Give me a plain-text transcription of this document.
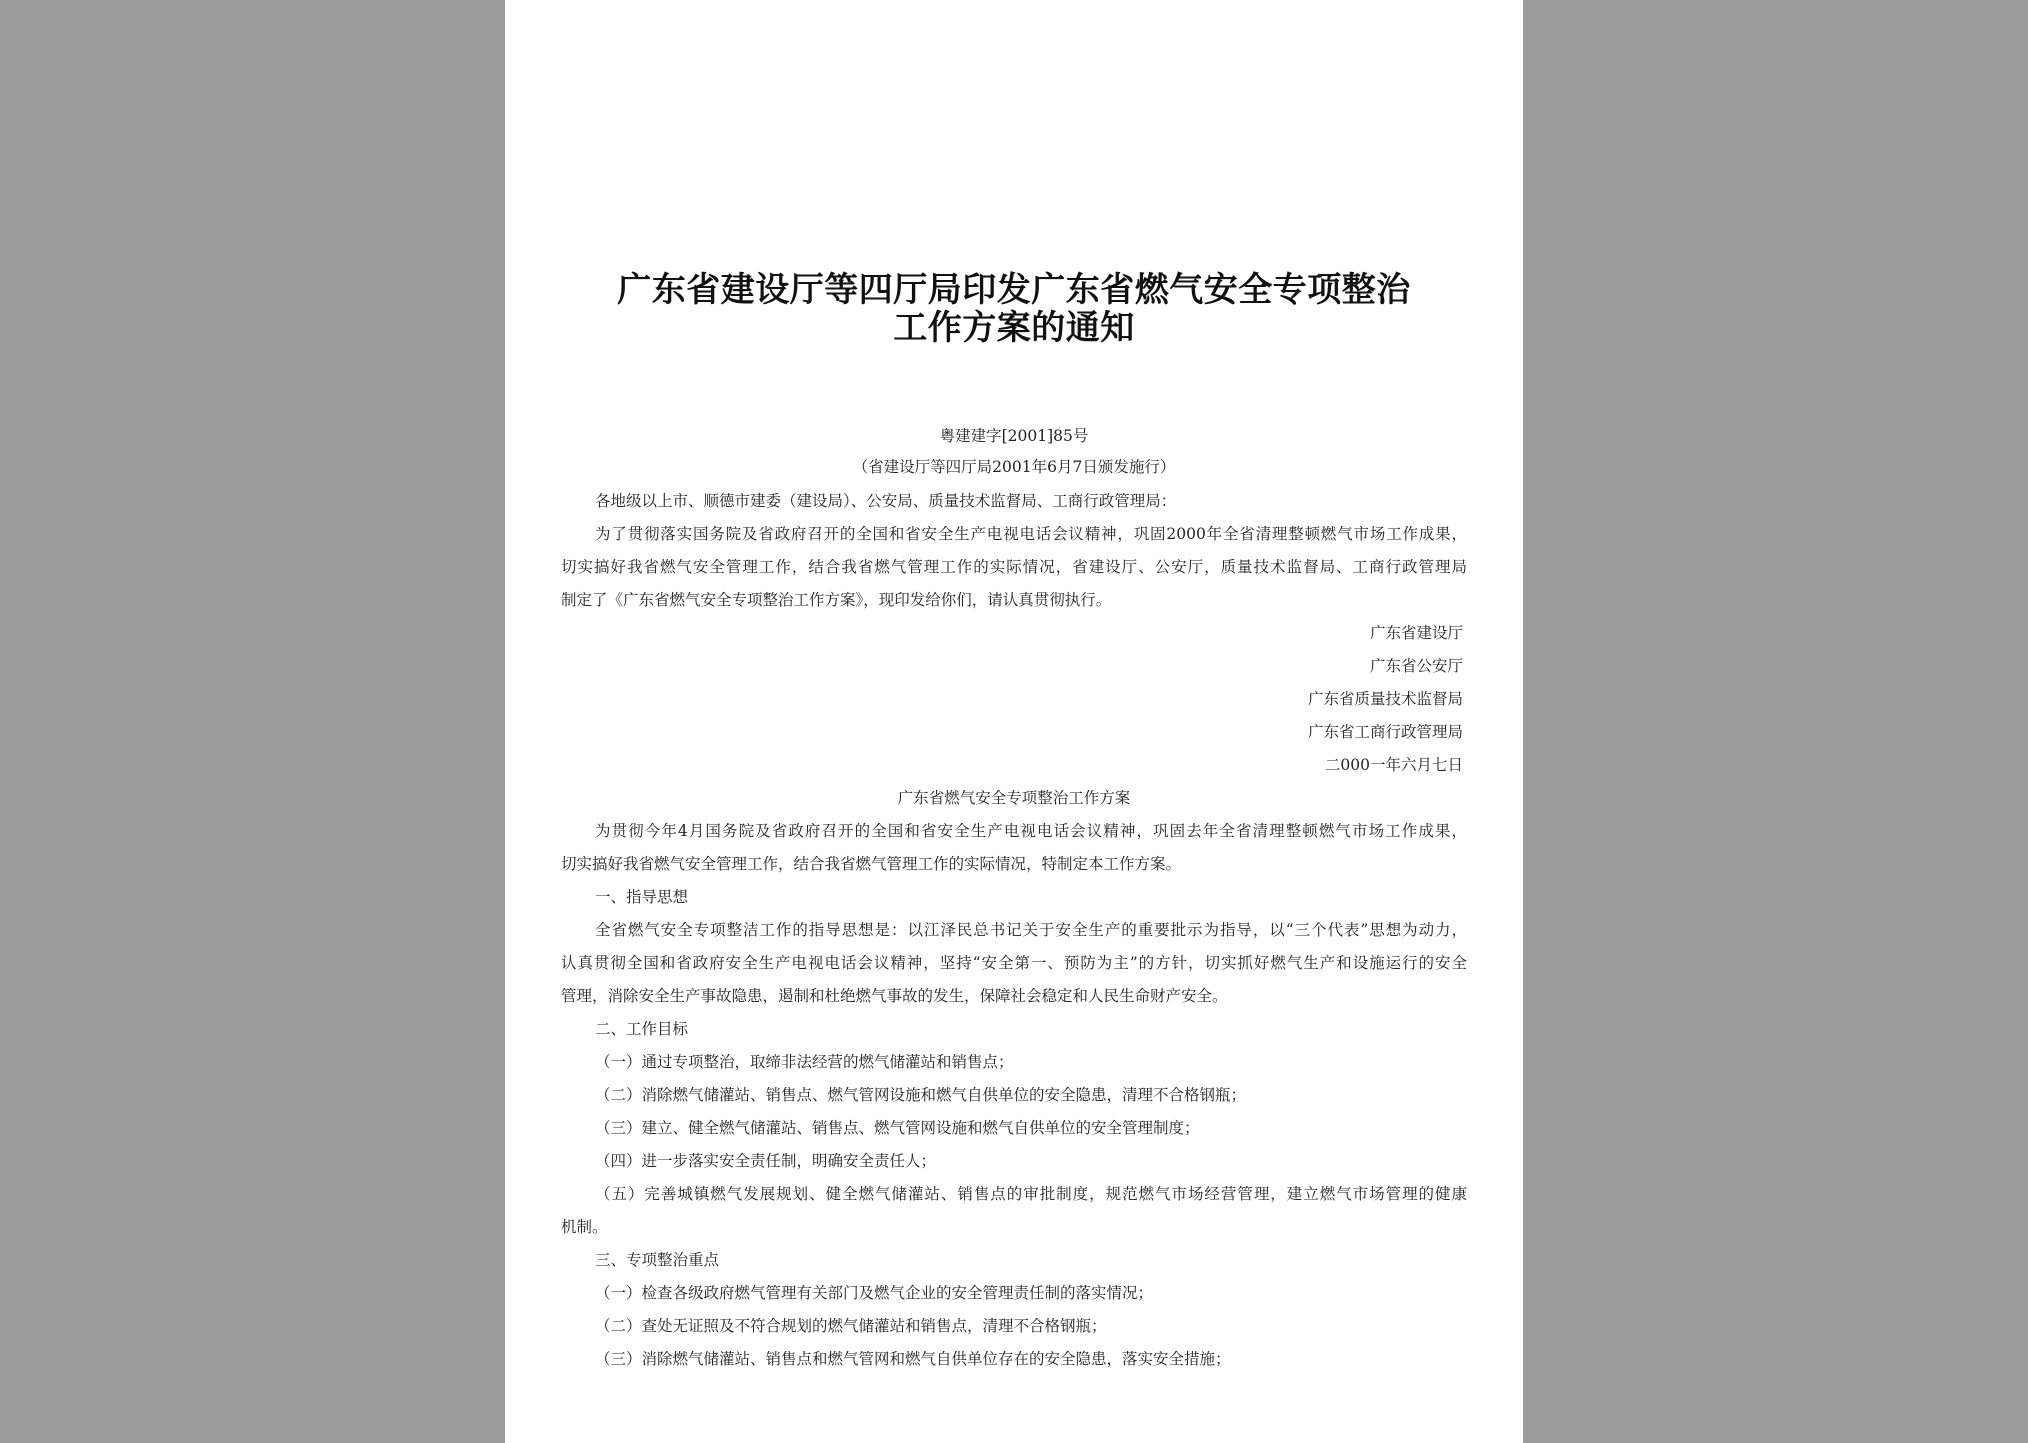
广东省建设厅等四厅局印发广东省燃气安全专项整治
工作方案的通知
粤建建字[2001]85号
（省建设厅等四厅局2001年6月7日颁发施行）
各地级以上市、顺德市建委（建设局）、公安局、质量技术监督局、工商行政管理局：
为了贯彻落实国务院及省政府召开的全国和省安全生产电视电话会议精神，巩固2000年全省清理整顿燃气市场工作成果，
切实搞好我省燃气安全管理工作，结合我省燃气管理工作的实际情况，省建设厅、公安厅，质量技术监督局、工商行政管理局
制定了《广东省燃气安全专项整治工作方案》，现印发给你们，请认真贯彻执行。
广东省建设厅
广东省公安厅
广东省质量技术监督局
广东省工商行政管理局
二000一年六月七日
广东省燃气安全专项整治工作方案
为贯彻今年4月国务院及省政府召开的全国和省安全生产电视电话会议精神，巩固去年全省清理整顿燃气市场工作成果，
切实搞好我省燃气安全管理工作，结合我省燃气管理工作的实际情况，特制定本工作方案。
一、指导思想
全省燃气安全专项整洁工作的指导思想是：以江泽民总书记关于安全生产的重要批示为指导，以“三个代表”思想为动力，
认真贯彻全国和省政府安全生产电视电话会议精神，坚持“安全第一、预防为主”的方针，切实抓好燃气生产和设施运行的安全
管理，消除安全生产事故隐患，遏制和杜绝燃气事故的发生，保障社会稳定和人民生命财产安全。
二、工作目标
（一）通过专项整治，取缔非法经营的燃气储灌站和销售点；
（二）消除燃气储灌站、销售点、燃气管网设施和燃气自供单位的安全隐患，清理不合格钢瓶；
（三）建立、健全燃气储灌站、销售点、燃气管网设施和燃气自供单位的安全管理制度；
（四）进一步落实安全责任制，明确安全责任人；
（五）完善城镇燃气发展规划、健全燃气储灌站、销售点的审批制度，规范燃气市场经营管理，建立燃气市场管理的健康
机制。
三、专项整治重点
（一）检查各级政府燃气管理有关部门及燃气企业的安全管理责任制的落实情况；
（二）查处无证照及不符合规划的燃气储灌站和销售点，清理不合格钢瓶；
（三）消除燃气储灌站、销售点和燃气管网和燃气自供单位存在的安全隐患，落实安全措施；
